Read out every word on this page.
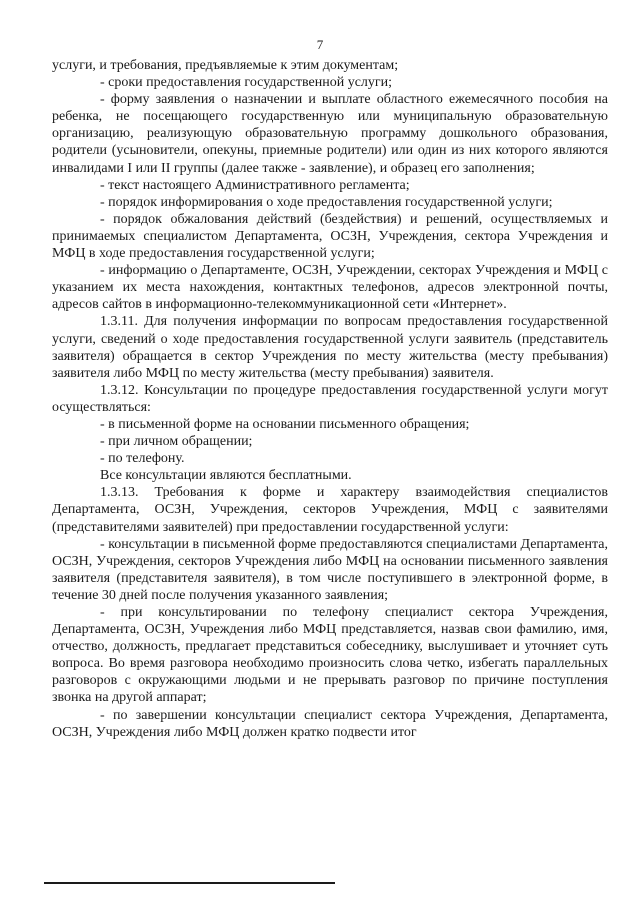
7

услуги, и требования, предъявляемые к этим документам;

- сроки предоставления государственной услуги;

- форму заявления о назначении и выплате областного ежемесячного пособия на ребенка, не посещающего государственную или муниципальную образовательную организацию, реализующую образовательную программу дошкольного образования, родители (усыновители, опекуны, приемные родители) или один из них которого являются инвалидами I или II группы (далее также - заявление), и образец его заполнения;

- текст настоящего Административного регламента;

- порядок информирования о ходе предоставления государственной услуги;

- порядок обжалования действий (бездействия) и решений, осуществляемых и принимаемых специалистом Департамента, ОСЗН, Учреждения, сектора Учреждения и МФЦ в ходе предоставления государственной услуги;

- информацию о Департаменте, ОСЗН, Учреждении, секторах Учреждения и МФЦ с указанием их места нахождения, контактных телефонов, адресов электронной почты, адресов сайтов в информационно-телекоммуникационной сети «Интернет».

1.3.11. Для получения информации по вопросам предоставления государственной услуги, сведений о ходе предоставления государственной услуги заявитель (представитель заявителя) обращается в сектор Учреждения по месту жительства (месту пребывания) заявителя либо МФЦ по месту жительства (месту пребывания) заявителя.

1.3.12. Консультации по процедуре предоставления государственной услуги могут осуществляться:

- в письменной форме на основании письменного обращения;

- при личном обращении;

- по телефону.

Все консультации являются бесплатными.

1.3.13. Требования к форме и характеру взаимодействия специалистов Департамента, ОСЗН, Учреждения, секторов Учреждения, МФЦ с заявителями (представителями заявителей) при предоставлении государственной услуги:

- консультации в письменной форме предоставляются специалистами Департамента, ОСЗН, Учреждения, секторов Учреждения либо МФЦ на основании письменного заявления заявителя (представителя заявителя), в том числе поступившего в электронной форме, в течение 30 дней после получения указанного заявления;

- при консультировании по телефону специалист сектора Учреждения, Департамента, ОСЗН, Учреждения либо МФЦ представляется, назвав свои фамилию, имя, отчество, должность, предлагает представиться собеседнику, выслушивает и уточняет суть вопроса. Во время разговора необходимо произносить слова четко, избегать параллельных разговоров с окружающими людьми и не прерывать разговор по причине поступления звонка на другой аппарат;

- по завершении консультации специалист сектора Учреждения, Департамента, ОСЗН, Учреждения либо МФЦ должен кратко подвести итог
